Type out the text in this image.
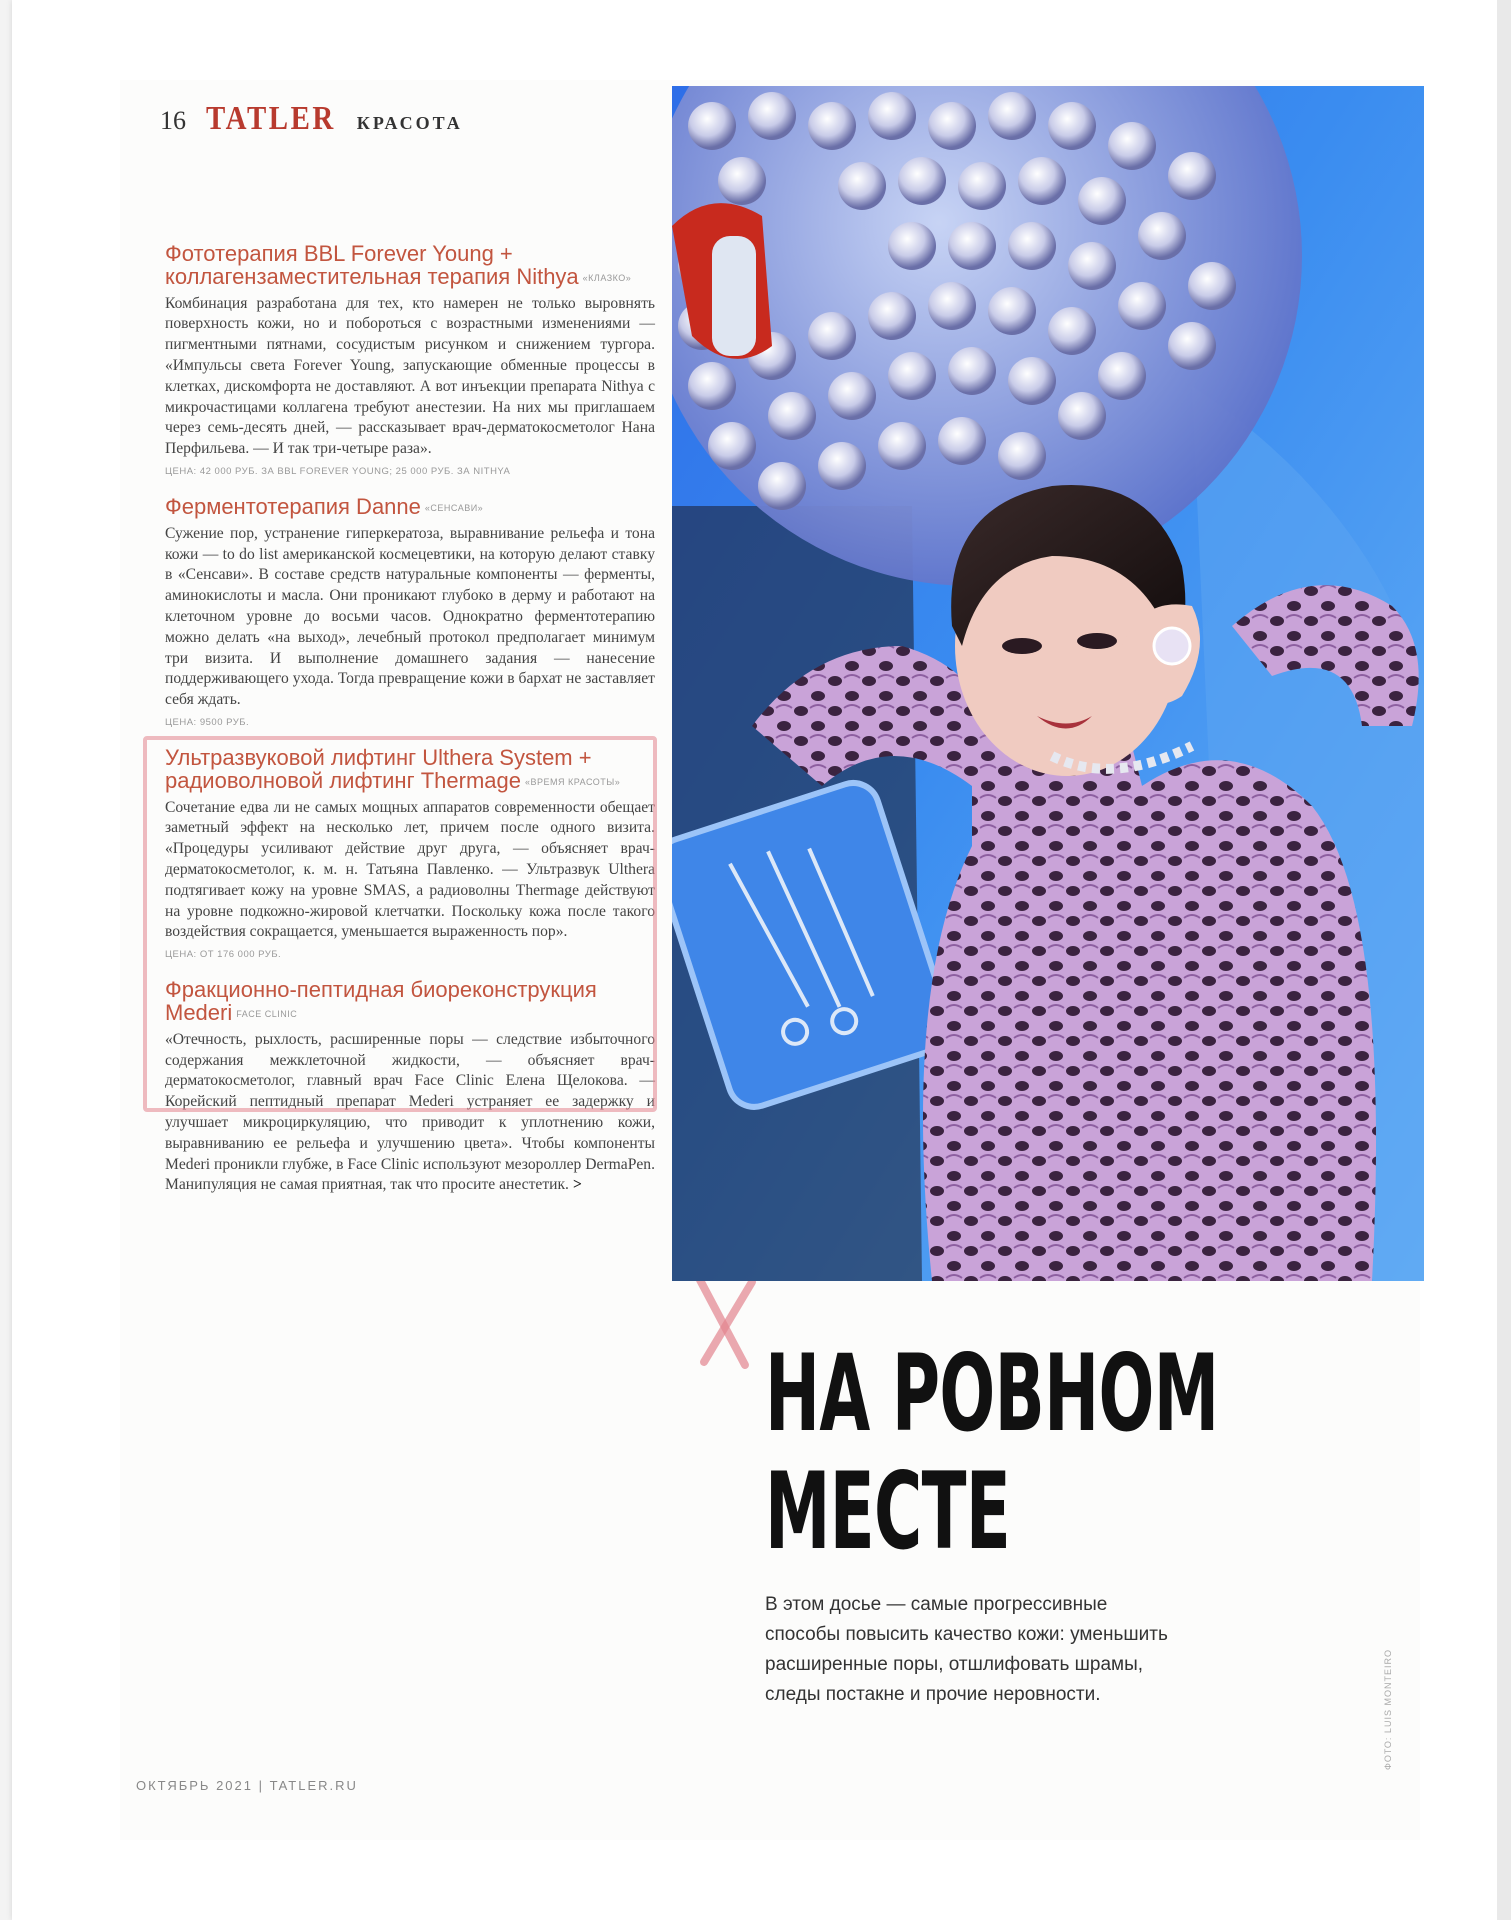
16 TATLER КРАСОТА

Фототерапия BBL Forever Young + коллагензаместительная терапия Nithya «КЛАЗКО»

Комбинация разработана для тех, кто намерен не только выровнять поверхность кожи, но и побороться с возрастными изменениями — пигментными пятнами, сосудистым рисунком и снижением тургора. «Импульсы света Forever Young, запускающие обменные процессы в клетках, дискомфорта не доставляют. А вот инъекции препарата Nithya с микрочастицами коллагена требуют анестезии. На них мы приглашаем через семь-десять дней, — рассказывает врач-дерматокосметолог Нана Перфильева. — И так три-четыре раза».

ЦЕНА: 42 000 РУБ. ЗА BBL FOREVER YOUNG; 25 000 РУБ. ЗА NITHYA

Ферментотерапия Danne «СЕНСАВИ»

Сужение пор, устранение гиперкератоза, выравнивание рельефа и тона кожи — to do list американской космецевтики, на которую делают ставку в «Сенсави». В составе средств натуральные компоненты — ферменты, аминокислоты и масла. Они проникают глубоко в дерму и работают на клеточном уровне до восьми часов. Однократно ферментотерапию можно делать «на выход», лечебный протокол предполагает минимум три визита. И выполнение домашнего задания — нанесение поддерживающего ухода. Тогда превращение кожи в бархат не заставляет себя ждать.

ЦЕНА: 9500 РУБ.

Ультразвуковой лифтинг Ulthera System + радиоволновой лифтинг Thermage «ВРЕМЯ КРАСОТЫ»

Сочетание едва ли не самых мощных аппаратов современности обещает заметный эффект на несколько лет, причем после одного визита. «Процедуры усиливают действие друг друга, — объясняет врач-дерматокосметолог, к. м. н. Татьяна Павленко. — Ультразвук Ulthera подтягивает кожу на уровне SMAS, а радиоволны Thermage действуют на уровне подкожно-жировой клетчатки. Поскольку кожа после такого воздействия сокращается, уменьшается выраженность пор».

ЦЕНА: ОТ 176 000 РУБ.

Фракционно-пептидная биореконструкция Mederi FACE CLINIC

«Отечность, рыхлость, расширенные поры — следствие избыточного содержания межклеточной жидкости, — объясняет врач-дерматокосметолог, главный врач Face Clinic Елена Щелокова. — Корейский пептидный препарат Mederi устраняет ее задержку и улучшает микроциркуляцию, что приводит к уплотнению кожи, выравниванию ее рельефа и улучшению цвета». Чтобы компоненты Mederi проникли глубже, в Face Clinic используют мезороллер DermaPen. Манипуляция не самая приятная, так что просите анестетик. >

НА РОВНОМ
МЕСТЕ

В этом досье — самые прогрессивные способы повысить качество кожи: уменьшить расширенные поры, отшлифовать шрамы, следы постакне и прочие неровности.	ФОТО: LUIS MONTEIRO
ОКТЯБРЬ 2021 | TATLER.RU
